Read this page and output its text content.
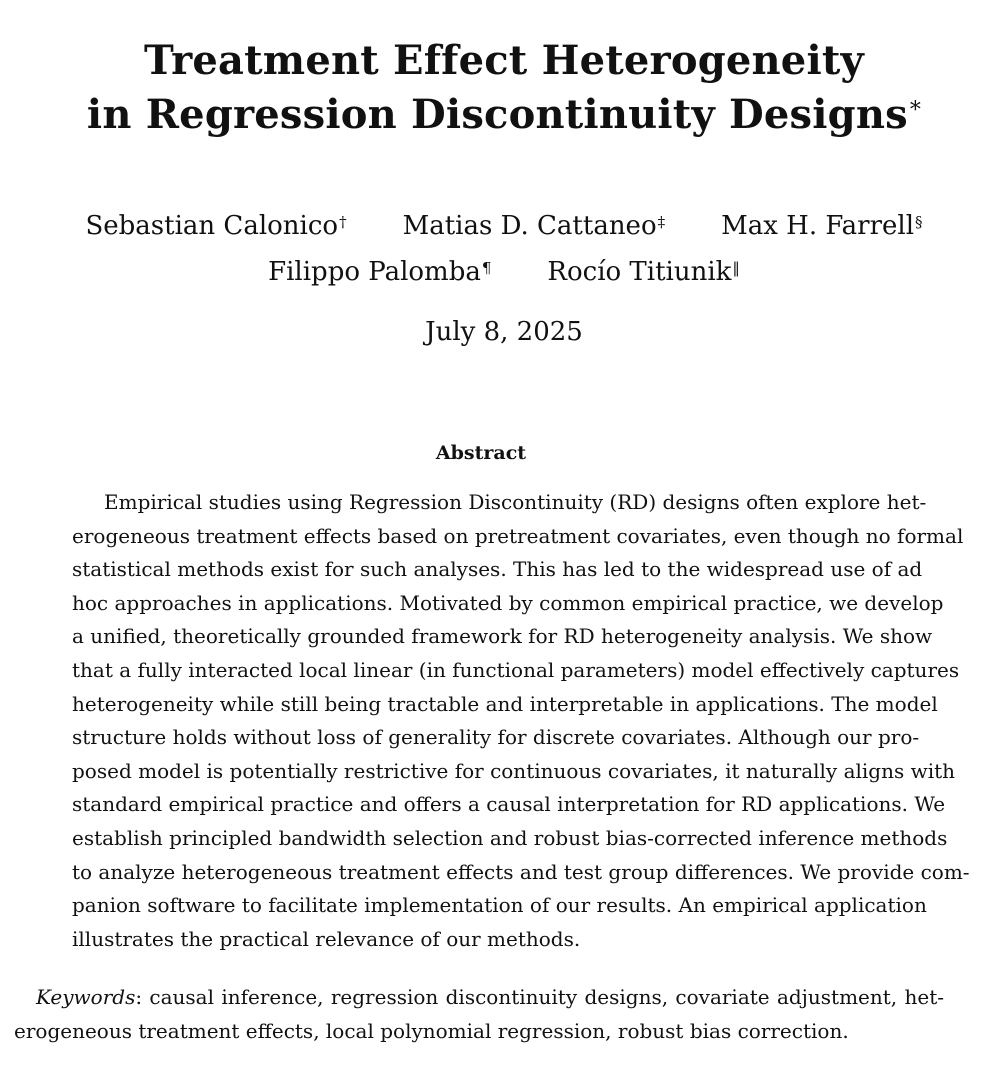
Treatment Effect Heterogeneity
in Regression Discontinuity Designs*
Sebastian Calonico† Matias D. Cattaneo‡ Max H. Farrell§
Filippo Palomba¶ Rocío Titiunik‖
July 8, 2025
Abstract
Empirical studies using Regression Discontinuity (RD) designs often explore het-
erogeneous treatment effects based on pretreatment covariates, even though no formal
statistical methods exist for such analyses. This has led to the widespread use of ad
hoc approaches in applications. Motivated by common empirical practice, we develop
a unified, theoretically grounded framework for RD heterogeneity analysis. We show
that a fully interacted local linear (in functional parameters) model effectively captures
heterogeneity while still being tractable and interpretable in applications. The model
structure holds without loss of generality for discrete covariates. Although our pro-
posed model is potentially restrictive for continuous covariates, it naturally aligns with
standard empirical practice and offers a causal interpretation for RD applications. We
establish principled bandwidth selection and robust bias-corrected inference methods
to analyze heterogeneous treatment effects and test group differences. We provide com-
panion software to facilitate implementation of our results. An empirical application
illustrates the practical relevance of our methods.
Keywords: causal inference, regression discontinuity designs, covariate adjustment, het-
erogeneous treatment effects, local polynomial regression, robust bias correction.
